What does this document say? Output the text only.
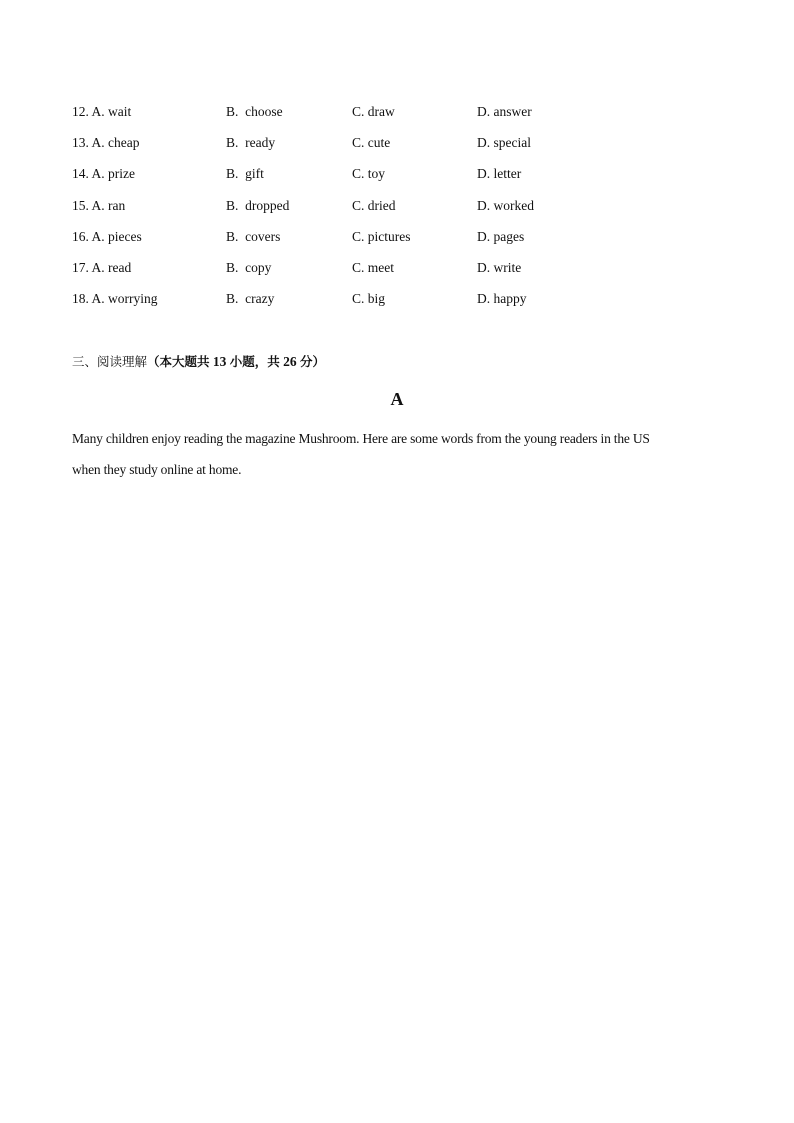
12. A. wait	B. choose	C. draw	D. answer
13. A. cheap	B. ready	C. cute	D. special
14. A. prize	B. gift	C. toy	D. letter
15. A. ran	B. dropped	C. dried	D. worked
16. A. pieces	B. covers	C. pictures	D. pages
17. A. read	B. copy	C. meet	D. write
18. A. worrying	B. crazy	C. big	D. happy
三、阅读理解（本大题共 13 小题，共 26 分）
A

Many children enjoy reading the magazine Mushroom. Here are some words from the young readers in the US

when they study online at home.
